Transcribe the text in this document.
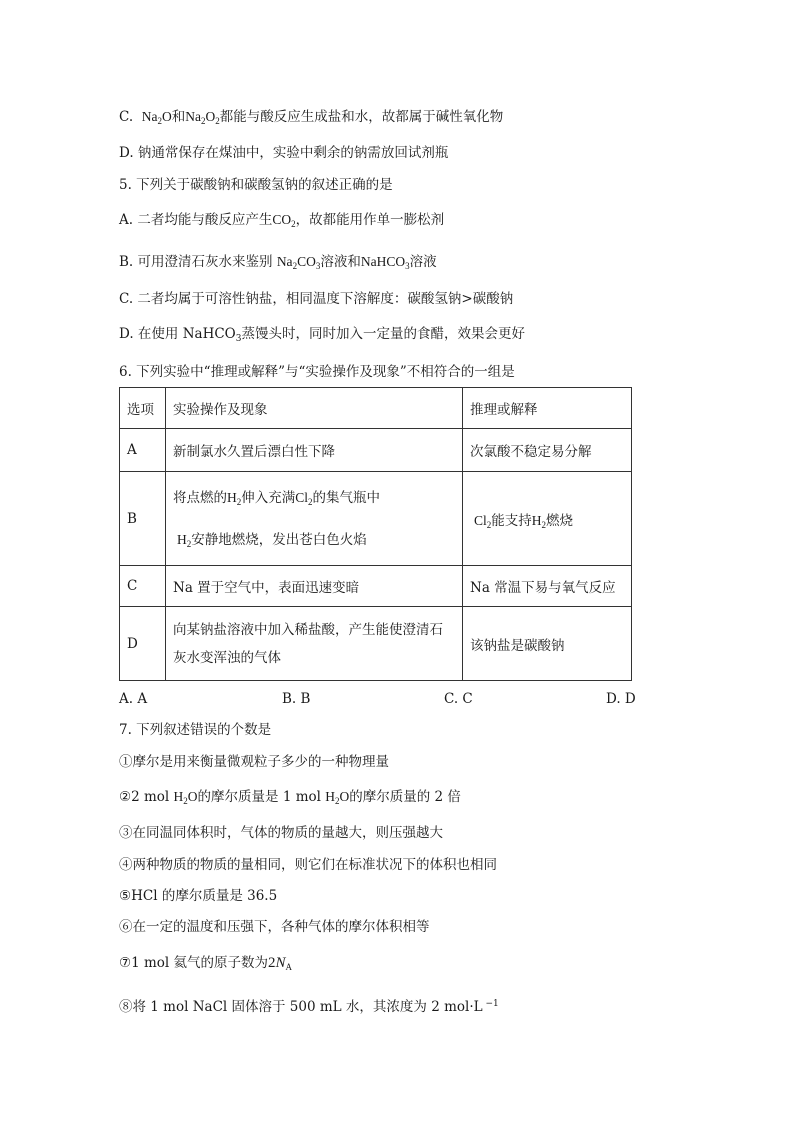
C. $Na_2O$和$Na_2O_2$都能与酸反应生成盐和水，故都属于碱性氧化物
D. 钠通常保存在煤油中，实验中剩余的钠需放回试剂瓶
5. 下列关于碳酸钠和碳酸氢钠的叙述正确的是
A. 二者均能与酸反应产生$CO_2$，故都能用作单一膨松剂
B. 可用澄清石灰水来鉴别 $Na_2CO_3$溶液和NaHCO$_3$溶液
C. 二者均属于可溶性钠盐，相同温度下溶解度：碳酸氢钠>碳酸钠
D. 在使用 NaHCO$_3$蒸馒头时，同时加入一定量的食醋，效果会更好
6. 下列实验中“推理或解释”与“实验操作及现象”不相符合的一组是
选项	实验操作及现象	推理或解释
A	新制氯水久置后漂白性下降	次氯酸不稳定易分解
B	将点燃的$H_2$伸入充满$Cl_2$的集气瓶中
$H_2$安静地燃烧，发出苍白色火焰	$Cl_2$能支持$H_2$燃烧
C	Na 置于空气中，表面迅速变暗	Na 常温下易与氧气反应
D	向某钠盐溶液中加入稀盐酸，产生能使澄清石
灰水变浑浊的气体	该钠盐是碳酸钠
A. A	B. B	C. C	D. D
7. 下列叙述错误的个数是
①摩尔是用来衡量微观粒子多少的一种物理量
②2 mol $H_2O$的摩尔质量是 1 mol $H_2O$的摩尔质量的 2 倍
③在同温同体积时，气体的物质的量越大，则压强越大
④两种物质的物质的量相同，则它们在标准状况下的体积也相同
⑤HCl 的摩尔质量是 36.5
⑥在一定的温度和压强下，各种气体的摩尔体积相等
⑦1 mol 氦气的原子数为$2N_A$
⑧将 1 mol NaCl 固体溶于 500 mL 水，其浓度为 2 mol·L $^{-1}$
